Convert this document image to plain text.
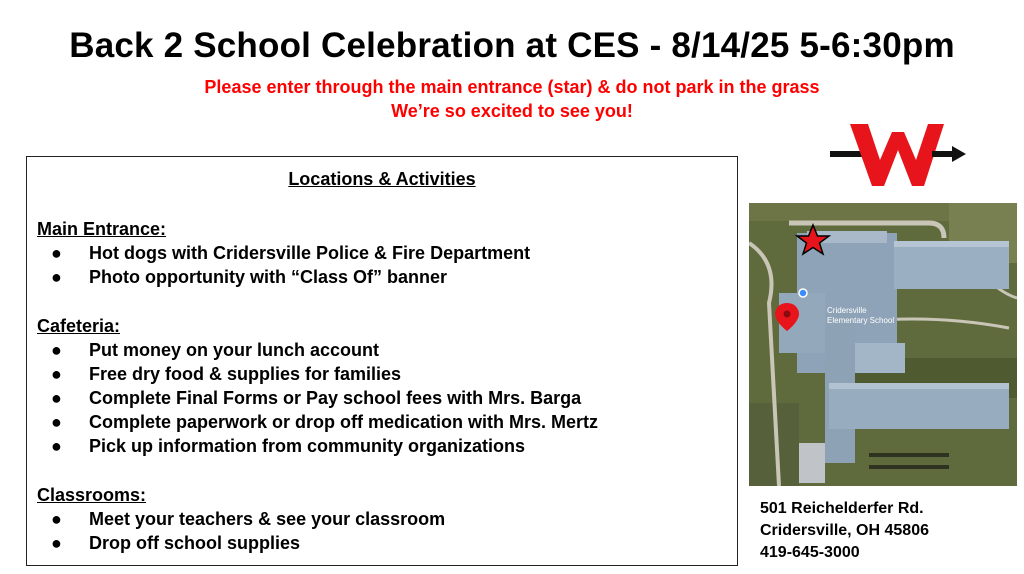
Back 2 School Celebration at CES - 8/14/25 5-6:30pm
Please enter through the main entrance (star) & do not park in the grass
We’re so excited to see you!
Locations & Activities
Main Entrance:
● Hot dogs with Cridersville Police & Fire Department
● Photo opportunity with “Class Of” banner
Cafeteria:
● Put money on your lunch account
● Free dry food & supplies for families
● Complete Final Forms or Pay school fees with Mrs. Barga
● Complete paperwork or drop off medication with Mrs. Mertz
● Pick up information from community organizations
Classrooms:
● Meet your teachers & see your classroom
● Drop off school supplies
Cridersville
Elementary School
501 Reichelderfer Rd.
Cridersville, OH 45806
419-645-3000
